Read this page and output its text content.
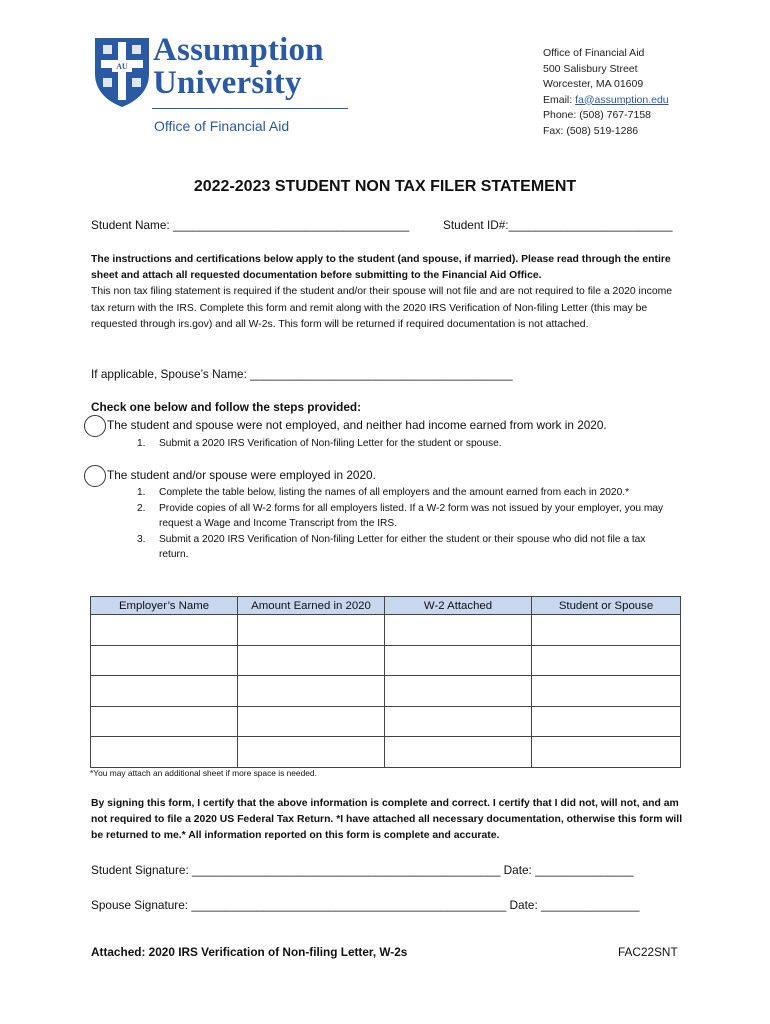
AU Assumption
University
Office of Financial Aid
Office of Financial Aid
500 Salisbury Street
Worcester, MA 01609
Email: fa@assumption.edu
Phone: (508) 767-7158
Fax: (508) 519-1286
2022-2023 STUDENT NON TAX FILER STATEMENT
Student Name: ____________________________________	Student ID#:_________________________
The instructions and certifications below apply to the student (and spouse, if married). Please read through the entire sheet and attach all requested documentation before submitting to the Financial Aid Office.
This non tax filing statement is required if the student and/or their spouse will not file and are not required to file a 2020 income tax return with the IRS. Complete this form and remit along with the 2020 IRS Verification of Non-filing Letter (this may be requested through irs.gov) and all W-2s. This form will be returned if required documentation is not attached.
If applicable, Spouse’s Name: ________________________________________
Check one below and follow the steps provided:
The student and spouse were not employed, and neither had income earned from work in 2020.
1. Submit a 2020 IRS Verification of Non-filing Letter for the student or spouse.
The student and/or spouse were employed in 2020.
1. Complete the table below, listing the names of all employers and the amount earned from each in 2020.*
2. Provide copies of all W-2 forms for all employers listed. If a W-2 form was not issued by your employer, you may request a Wage and Income Transcript from the IRS.
3. Submit a 2020 IRS Verification of Non-filing Letter for either the student or their spouse who did not file a tax return.
Employer’s Name	Amount Earned in 2020	W-2 Attached	Student or Spouse

*You may attach an additional sheet if more space is needed.
By signing this form, I certify that the above information is complete and correct. I certify that I did not, will not, and am not required to file a 2020 US Federal Tax Return. *I have attached all necessary documentation, otherwise this form will be returned to me.* All information reported on this form is complete and accurate.
Student Signature: _______________________________________________ Date: _______________
Spouse Signature: ________________________________________________ Date: _______________
Attached: 2020 IRS Verification of Non-filing Letter, W-2s	FAC22SNT
